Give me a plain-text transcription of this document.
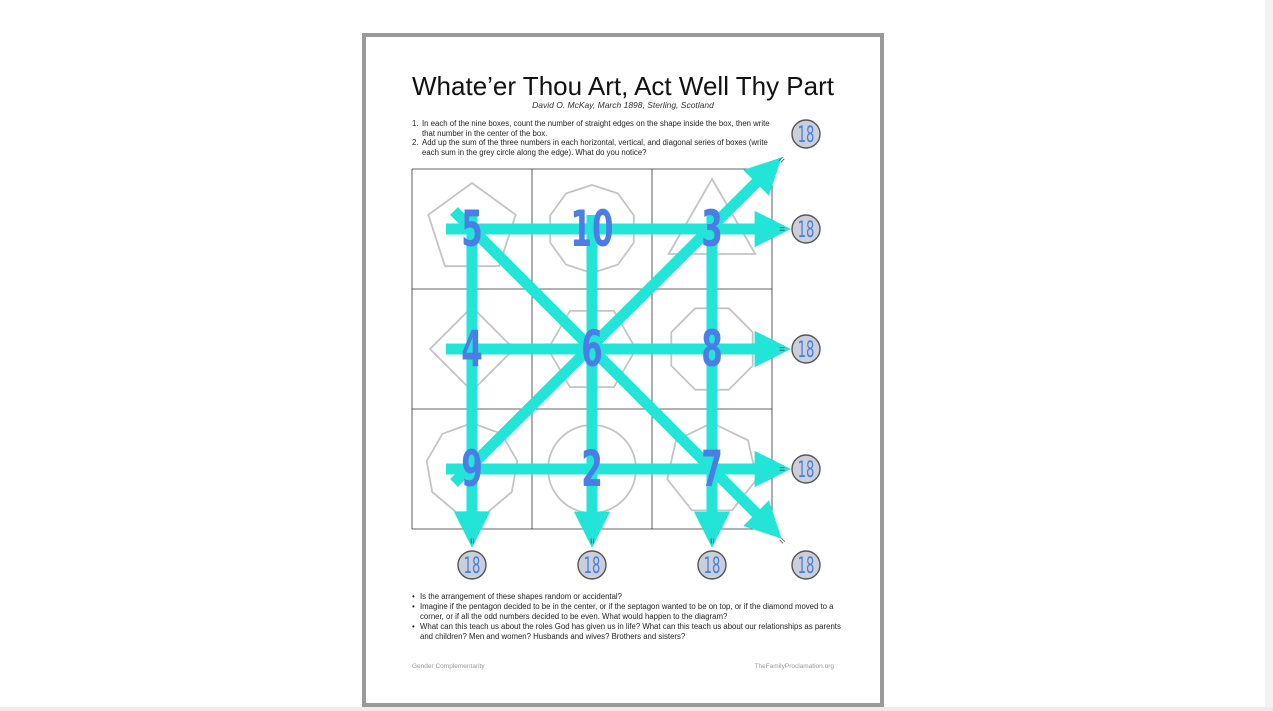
Whate’er Thou Art, Act Well Thy Part
David O. McKay, March 1898, Sterling, Scotland
1. In each of the nine boxes, count the number of straight edges on the shape inside the box, then write that number in the center of the box.
2. Add up the sum of the three numbers in each horizontal, vertical, and diagonal series of boxes (write each sum in the grey circle along the edge). What do you notice?
5 10 3
4 6 8
9 2 7
18
=
18
=
18
=
18
=
18
=
18
=
18
=
18
=
• Is the arrangement of these shapes random or accidental?
• Imagine if the pentagon decided to be in the center, or if the septagon wanted to be on top, or if the diamond moved to a corner, or if all the odd numbers decided to be even. What would happen to the diagram?
• What can this teach us about the roles God has given us in life? What can this teach us about our relationships as parents and children? Men and women? Husbands and wives? Brothers and sisters?
Gender Complementarity	TheFamilyProclamation.org
